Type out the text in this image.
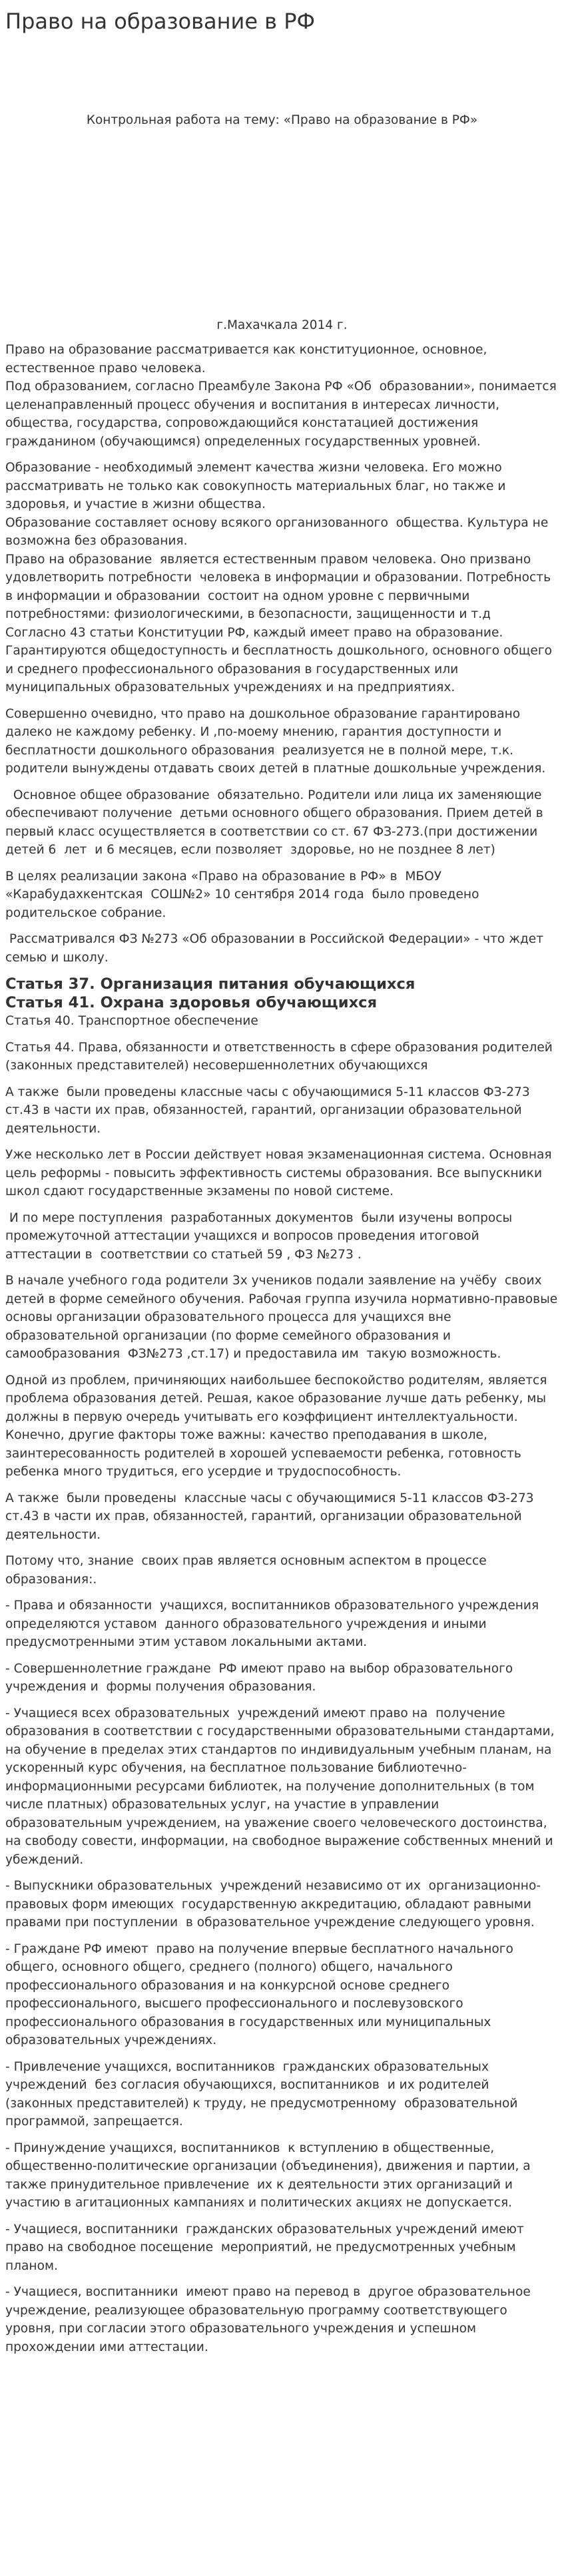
Право на образование в РФ
Контрольная работа на тему: «Право на образование в РФ»
г.Махачкала 2014 г.

Право на образование рассматривается как конституционное, основное, естественное право человека.
Под образованием, согласно Преамбуле Закона РФ «Об  образовании», понимается целенаправленный процесс обучения и воспитания в интересах личности, общества, государства, сопровождающийся констатацией достижения гражданином (обучающимся) определенных государственных уровней.

Образование - необходимый элемент качества жизни человека. Его можно рассматривать не только как совокупность материальных благ, но также и здоровья, и участие в жизни общества.
Образование составляет основу всякого организованного  общества. Культура не возможна без образования.
Право на образование  является естественным правом человека. Оно призвано удовлетворить потребности  человека в информации и образовании. Потребность в информации и образовании  состоит на одном уровне с первичными потребностями: физиологическими, в безопасности, защищенности и т.д
Согласно 43 статьи Конституции РФ, каждый имеет право на образование. Гарантируются общедоступность и бесплатность дошкольного, основного общего и среднего профессионального образования в государственных или муниципальных образовательных учреждениях и на предприятиях.

Совершенно очевидно, что право на дошкольное образование гарантировано далеко не каждому ребенку. И ,по-моему мнению, гарантия доступности и бесплатности дошкольного образования  реализуется не в полной мере, т.к. родители вынуждены отдавать своих детей в платные дошкольные учреждения.

Основное общее образование  обязательно. Родители или лица их заменяющие обеспечивают получение  детьми основного общего образования. Прием детей в первый класс осуществляется в соответствии со ст. 67 ФЗ-273.(при достижении детей 6  лет  и 6 месяцев, если позволяет  здоровье, но не позднее 8 лет)

В целях реализации закона «Право на образование в РФ» в  МБОУ «Карабудахкентская  СОШ№2» 10 сентября 2014 года  было проведено родительское собрание.

Рассматривался ФЗ №273 «Об образовании в Российской Федерации» - что ждет семью и школу.

Статья 37. Организация питания обучающихся
Статья 41. Охрана здоровья обучающихся

Статья 40. Транспортное обеспечение

Статья 44. Права, обязанности и ответственность в сфере образования родителей (законных представителей) несовершеннолетних обучающихся

А также  были проведены классные часы с обучающимися 5-11 классов ФЗ-273 ст.43 в части их прав, обязанностей, гарантий, организации образовательной деятельности.

Уже несколько лет в России действует новая экзаменационная система. Основная цель реформы - повысить эффективность системы образования. Все выпускники школ сдают государственные экзамены по новой системе.

И по мере поступления  разработанных документов  были изучены вопросы промежуточной аттестации учащихся и вопросов проведения итоговой аттестации в  соответствии со статьей 59 , ФЗ №273 .

В начале учебного года родители 3х учеников подали заявление на учёбу  своих детей в форме семейного обучения. Рабочая группа изучила нормативно-правовые основы организации образовательного процесса для учащихся вне образовательной организации (по форме семейного образования и самообразования  ФЗ№273 ,ст.17) и предоставила им  такую возможность.

Одной из проблем, причиняющих наибольшее беспокойство родителям, является проблема образования детей. Решая, какое образование лучше дать ребенку, мы должны в первую очередь учитывать его коэффициент интеллектуальности. Конечно, другие факторы тоже важны: качество преподавания в школе, заинтересованность родителей в хорошей успеваемости ребенка, готовность ребенка много трудиться, его усердие и трудоспособность.

А также  были проведены  классные часы с обучающимися 5-11 классов ФЗ-273 ст.43 в части их прав, обязанностей, гарантий, организации образовательной деятельности.

Потому что, знание  своих прав является основным аспектом в процессе образования:.

- Права и обязанности  учащихся, воспитанников образовательного учреждения определяются уставом  данного образовательного учреждения и иными предусмотренными этим уставом локальными актами.

- Совершеннолетние граждане  РФ имеют право на выбор образовательного учреждения и  формы получения образования.

- Учащиеся всех образовательных  учреждений имеют право на  получение образования в соответствии с государственными образовательными стандартами, на обучение в пределах этих стандартов по индивидуальным учебным планам, на ускоренный курс обучения, на бесплатное пользование библиотечно-информационными ресурсами библиотек, на получение дополнительных (в том числе платных) образовательных услуг, на участие в управлении образовательным учреждением, на уважение своего человеческого достоинства, на свободу совести, информации, на свободное выражение собственных мнений и убеждений.

- Выпускники образовательных  учреждений независимо от их  организационно-правовых форм имеющих  государственную аккредитацию, обладают равными правами при поступлении  в образовательное учреждение следующего уровня.

- Граждане РФ имеют  право на получение впервые бесплатного начального общего, основного общего, среднего (полного) общего, начального профессионального образования и на конкурсной основе среднего профессионального, высшего профессионального и послевузовского профессионального образования в государственных или муниципальных образовательных учреждениях.

- Привлечение учащихся, воспитанников  гражданских образовательных учреждений  без согласия обучающихся, воспитанников  и их родителей (законных представителей) к труду, не предусмотренному  образовательной программой, запрещается.

- Принуждение учащихся, воспитанников  к вступлению в общественные, общественно-политические организации (объединения), движения и партии, а также принудительное привлечение  их к деятельности этих организаций и участию в агитационных кампаниях и политических акциях не допускается.

- Учащиеся, воспитанники  гражданских образовательных учреждений имеют право на свободное посещение  мероприятий, не предусмотренных учебным планом.

- Учащиеся, воспитанники  имеют право на перевод в  другое образовательное учреждение, реализующее образовательную программу соответствующего уровня, при согласии этого образовательного учреждения и успешном прохождении ими аттестации.
